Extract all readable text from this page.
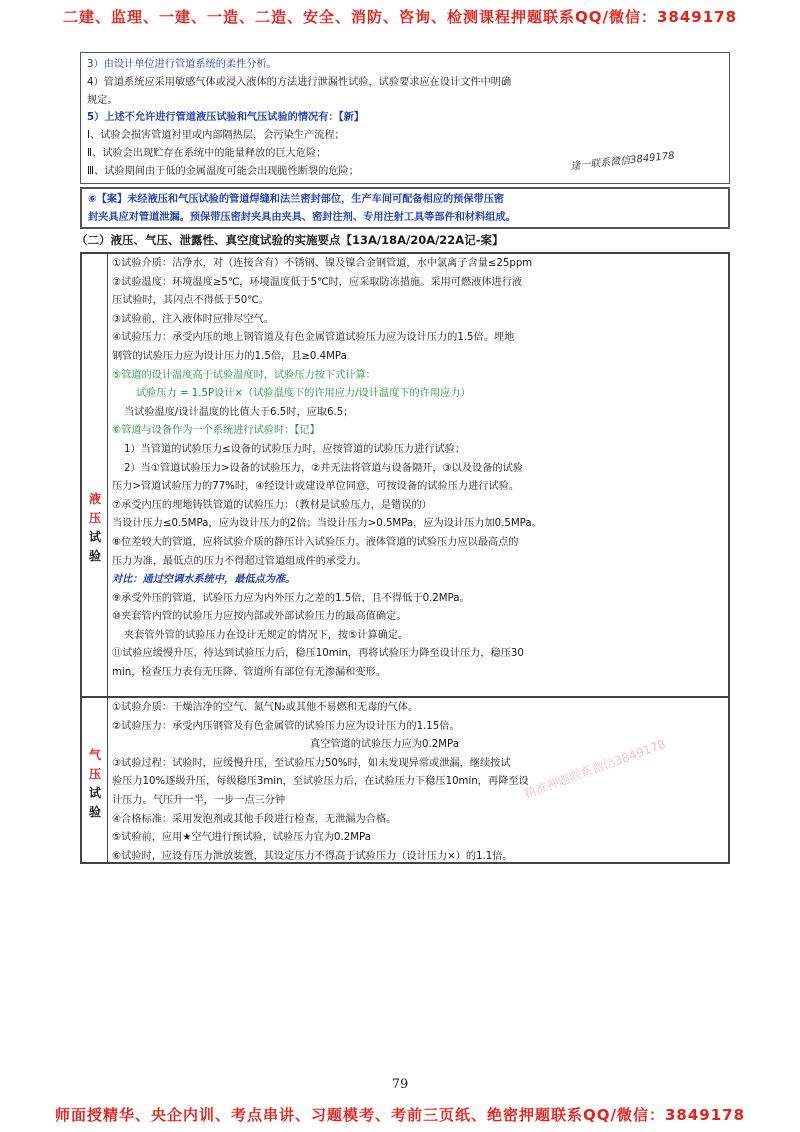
二建、监理、一建、一造、二造、安全、消防、咨询、检测课程押题联系QQ/微信：3849178
3）由设计单位进行管道系统的柔性分析。
4）管道系统应采用敏感气体或浸入液体的方法进行泄漏性试验，试验要求应在设计文件中明确
规定。
5）上述不允许进行管道液压试验和气压试验的情况有：【新】
Ⅰ、试验会损害管道衬里或内部隔热层，会污染生产流程；
Ⅱ、试验会出现贮存在系统中的能量释放的巨大危险；
Ⅲ、试验期间由于低的金属温度可能会出现脆性断裂的危险；	逢一联系微信3849178
⑥【案】未经液压和气压试验的管道焊缝和法兰密封部位，生产车间可配备相应的预保带压密
封夹具应对管道泄漏。预保带压密封夹具由夹具、密封注剂、专用注射工具等部件和材料组成。
（二）液压、气压、泄露性、真空度试验的实施要点【13A/18A/20A/22A记-案】
液
压
试
验
①试验介质：洁净水，对（连接含有）不锈钢、镍及镍合金钢管道，水中氯离子含量≤25ppm
②试验温度：环境温度≥5℃，环境温度低于5℃时，应采取防冻措施。采用可燃液体进行液
压试验时，其闪点不得低于50℃。
③试验前，注入液体时应排尽空气。
④试验压力：承受内压的地上钢管道及有色金属管道试验压力应为设计压力的1.5倍。埋地
钢管的试验压力应为设计压力的1.5倍，且≥0.4MPa
⑤管道的设计温度高于试验温度时，试验压力按下式计算：
试验压力 = 1.5P设计×（试验温度下的许用应力/设计温度下的许用应力）
当试验温度/设计温度的比值大于6.5时，应取6.5；
⑥管道与设备作为一个系统进行试验时：【记】
1）当管道的试验压力≤设备的试验压力时，应按管道的试验压力进行试验；
2）当①管道试验压力>设备的试验压力，②并无法将管道与设备隔开，③以及设备的试验
压力>管道试验压力的77%时，④经设计或建设单位同意，可按设备的试验压力进行试验。
⑦承受内压的埋地铸铁管道的试验压力：（教材是试验压力，是错误的）
当设计压力≤0.5MPa，应为设计压力的2倍；当设计压力>0.5MPa，应为设计压力加0.5MPa。
⑧位差较大的管道，应将试验介质的静压计入试验压力。液体管道的试验压力应以最高点的
压力为准，最低点的压力不得超过管道组成件的承受力。
对比：通过空调水系统中，最低点为准。
⑨承受外压的管道，试验压力应为内外压力之差的1.5倍，且不得低于0.2MPa。
⑩夹套管内管的试验压力应按内部或外部试验压力的最高值确定。
夹套管外管的试验压力在设计无规定的情况下，按⑤计算确定。
⑪试验应缓慢升压，待达到试验压力后，稳压10min，再将试验压力降至设计压力，稳压30
min，检查压力表有无压降、管道所有部位有无渗漏和变形。
气
压
试
验
①试验介质：干燥洁净的空气、氮气N₂或其他不易燃和无毒的气体。
②试验压力：承受内压钢管及有色金属管的试验压力应为设计压力的1.15倍。
真空管道的试验压力应为0.2MPa
③试验过程：试验时，应缓慢升压，至试验压力50%时，如未发现异常或泄漏，继续按试
验压力10%逐级升压，每级稳压3min，至试验压力后，在试验压力下稳压10min，再降至设
计压力。气压升一半，一步一点三分钟
④合格标准：采用发泡剂或其他手段进行检查，无泄漏为合格。
⑤试验前，应用★空气进行预试验，试验压力宜为0.2MPa
⑥试验时，应设有压力泄放装置，其设定压力不得高于试验压力（设计压力×）的1.1倍。
精准押题联系微信3849178
79
师面授精华、央企内训、考点串讲、习题模考、考前三页纸、绝密押题联系QQ/微信：3849178
